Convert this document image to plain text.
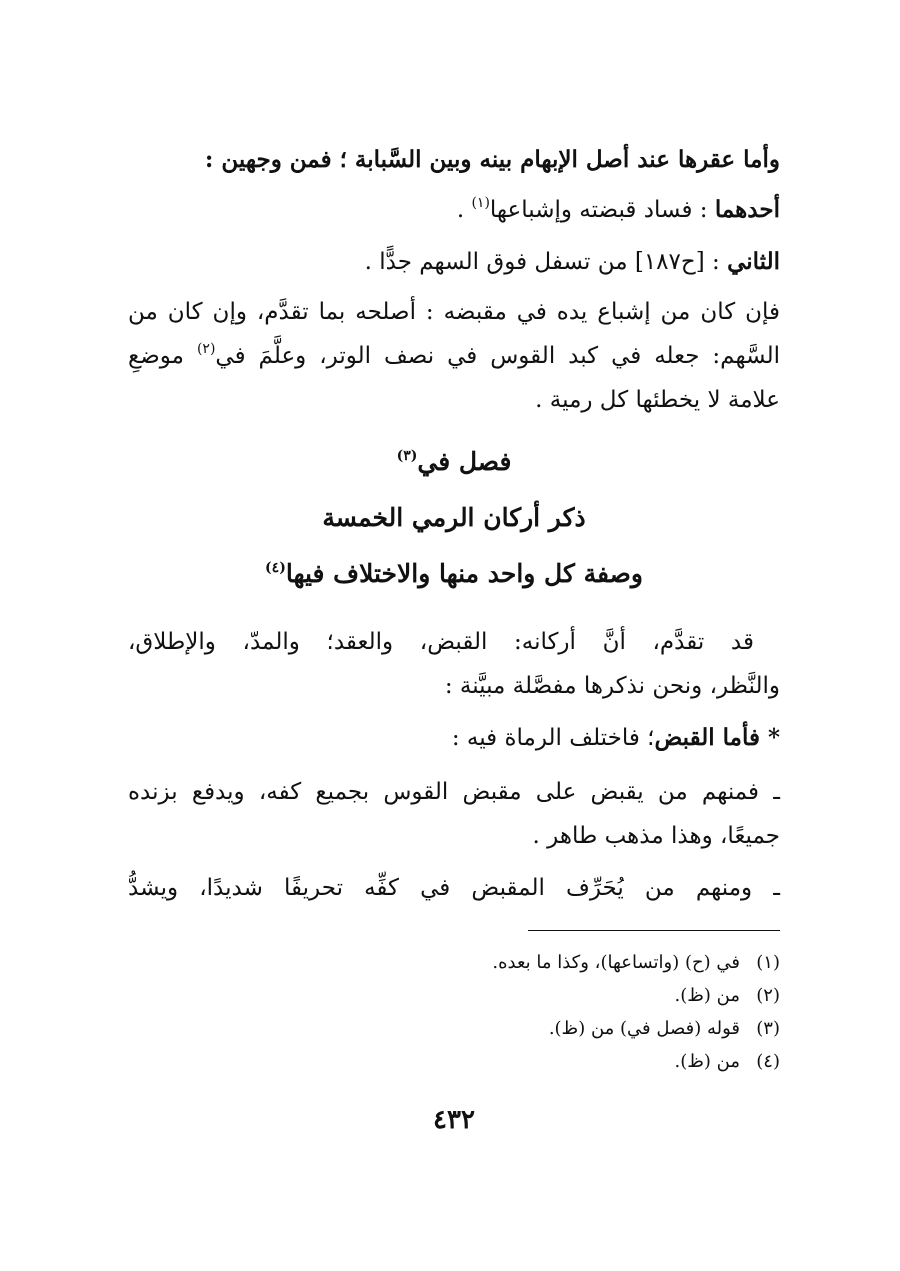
وأما عقرها عند أصل الإبهام بينه وبين السَّبابة ؛ فمن وجهين :
أحدهما : فساد قبضته وإشباعها$^{(١)}$ .
الثاني : [ح١٨٧] من تسفل فوق السهم جدًّا .
فإن كان من إشباع يده في مقبضه : أصلحه بما تقدَّم، وإن كان من
السَّهم: جعله في كبد القوس في نصف الوتر، وعلَّمَ في$^{(٢)}$ موضعِ
علامة لا يخطئها كل رمية .
فصل في$^{(٣)}$
ذكر أركان الرمي الخمسة
وصفة كل واحد منها والاختلاف فيها$^{(٤)}$
قد تقدَّم، أنَّ أركانه: القبض، والعقد؛ والمدّ، والإطلاق،
والنَّظر، ونحن نذكرها مفصَّلة مبيَّنة :
* فأما القبض؛ فاختلف الرماة فيه :
ـ فمنهم من يقبض على مقبض القوس بجميع كفه، ويدفع بزنده
جميعًا، وهذا مذهب طاهر .
ـ ومنهم من يُحَرِّف المقبض في كفِّه تحريفًا شديدًا، ويشدُّ
(١)في (ح) (واتساعها)، وكذا ما بعده.
(٢)من (ظ).
(٣)قوله (فصل في) من (ظ).
(٤)من (ظ).
٤٣٢
